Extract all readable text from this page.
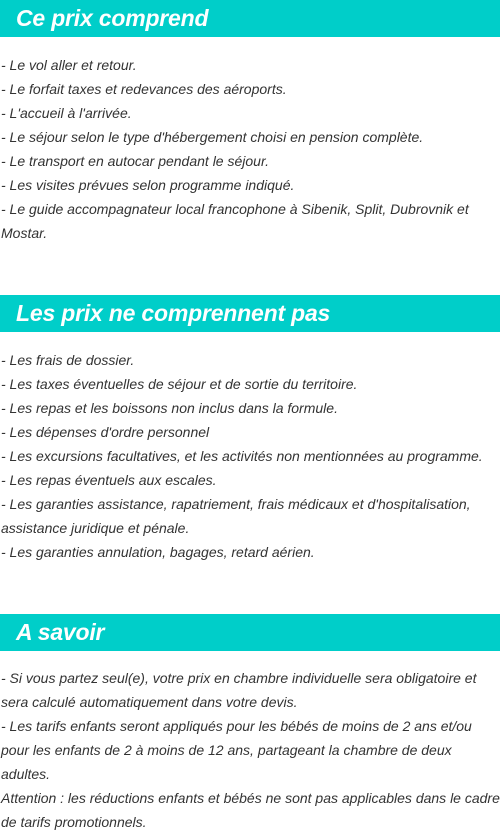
Ce prix comprend
- Le vol aller et retour.
- Le forfait taxes et redevances des aéroports.
- L'accueil à l'arrivée.
- Le séjour selon le type d'hébergement choisi en pension complète.
- Le transport en autocar pendant le séjour.
- Les visites prévues selon programme indiqué.
- Le guide accompagnateur local francophone à Sibenik, Split, Dubrovnik et Mostar.
Les prix ne comprennent pas
- Les frais de dossier.
- Les taxes éventuelles de séjour et de sortie du territoire.
- Les repas et les boissons non inclus dans la formule.
- Les dépenses d'ordre personnel
- Les excursions facultatives, et les activités non mentionnées au programme.
- Les repas éventuels aux escales.
- Les garanties assistance, rapatriement, frais médicaux et d'hospitalisation, assistance juridique et pénale.
- Les garanties annulation, bagages, retard aérien.
A savoir
- Si vous partez seul(e), votre prix en chambre individuelle sera obligatoire et sera calculé automatiquement dans votre devis.
- Les tarifs enfants seront appliqués pour les bébés de moins de 2 ans et/ou pour les enfants de 2 à moins de 12 ans, partageant la chambre de deux adultes.
Attention : les réductions enfants et bébés ne sont pas applicables dans le cadre de tarifs promotionnels.
